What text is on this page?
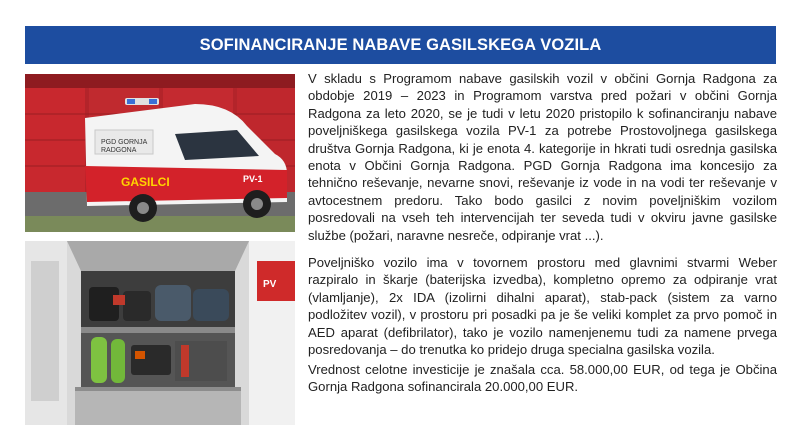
SOFINANCIRANJE NABAVE GASILSKEGA VOZILA
PGD GORNJA
RADGONA
GASILCI	PV-1
PV

V skladu s Programom nabave gasilskih vozil v občini Gornja Radgona za obdobje 2019 – 2023 in Programom varstva pred požari v občini Gornja Radgona za leto 2020, se je tudi v letu 2020 pristopilo k sofinanciranju nabave poveljniškega gasilskega vozila PV-1 za potrebe Prostovoljnega gasilskega društva Gornja Radgona, ki je enota 4. kategorije in hkrati tudi osrednja gasilska enota v Občini Gornja Radgona. PGD Gornja Radgona ima koncesijo za tehnično reševanje, nevarne snovi, reševanje iz vode in na vodi ter reševanje v avtocestnem predoru. Tako bodo gasilci z novim poveljniškim vozilom posredovali na vseh teh intervencijah ter seveda tudi v okviru javne gasilske službe (požari, naravne nesreče, odpiranje vrat ...).

Poveljniško vozilo ima v tovornem prostoru med glavnimi stvarmi Weber razpiralo in škarje (baterijska izvedba), kompletno opremo za odpiranje vrat (vlamljanje), 2x IDA (izolirni dihalni aparat), stab-pack (sistem za varno podložitev vozil), v prostoru pri posadki pa je še veliki komplet za prvo pomoč in AED aparat (defibrilator), tako je vozilo namenjenemu tudi za namene prvega posredovanja – do trenutka ko pridejo druga specialna gasilska vozila.

Vrednost celotne investicije je znašala cca. 58.000,00 EUR, od tega je Občina Gornja Radgona sofinancirala 20.000,00 EUR.
